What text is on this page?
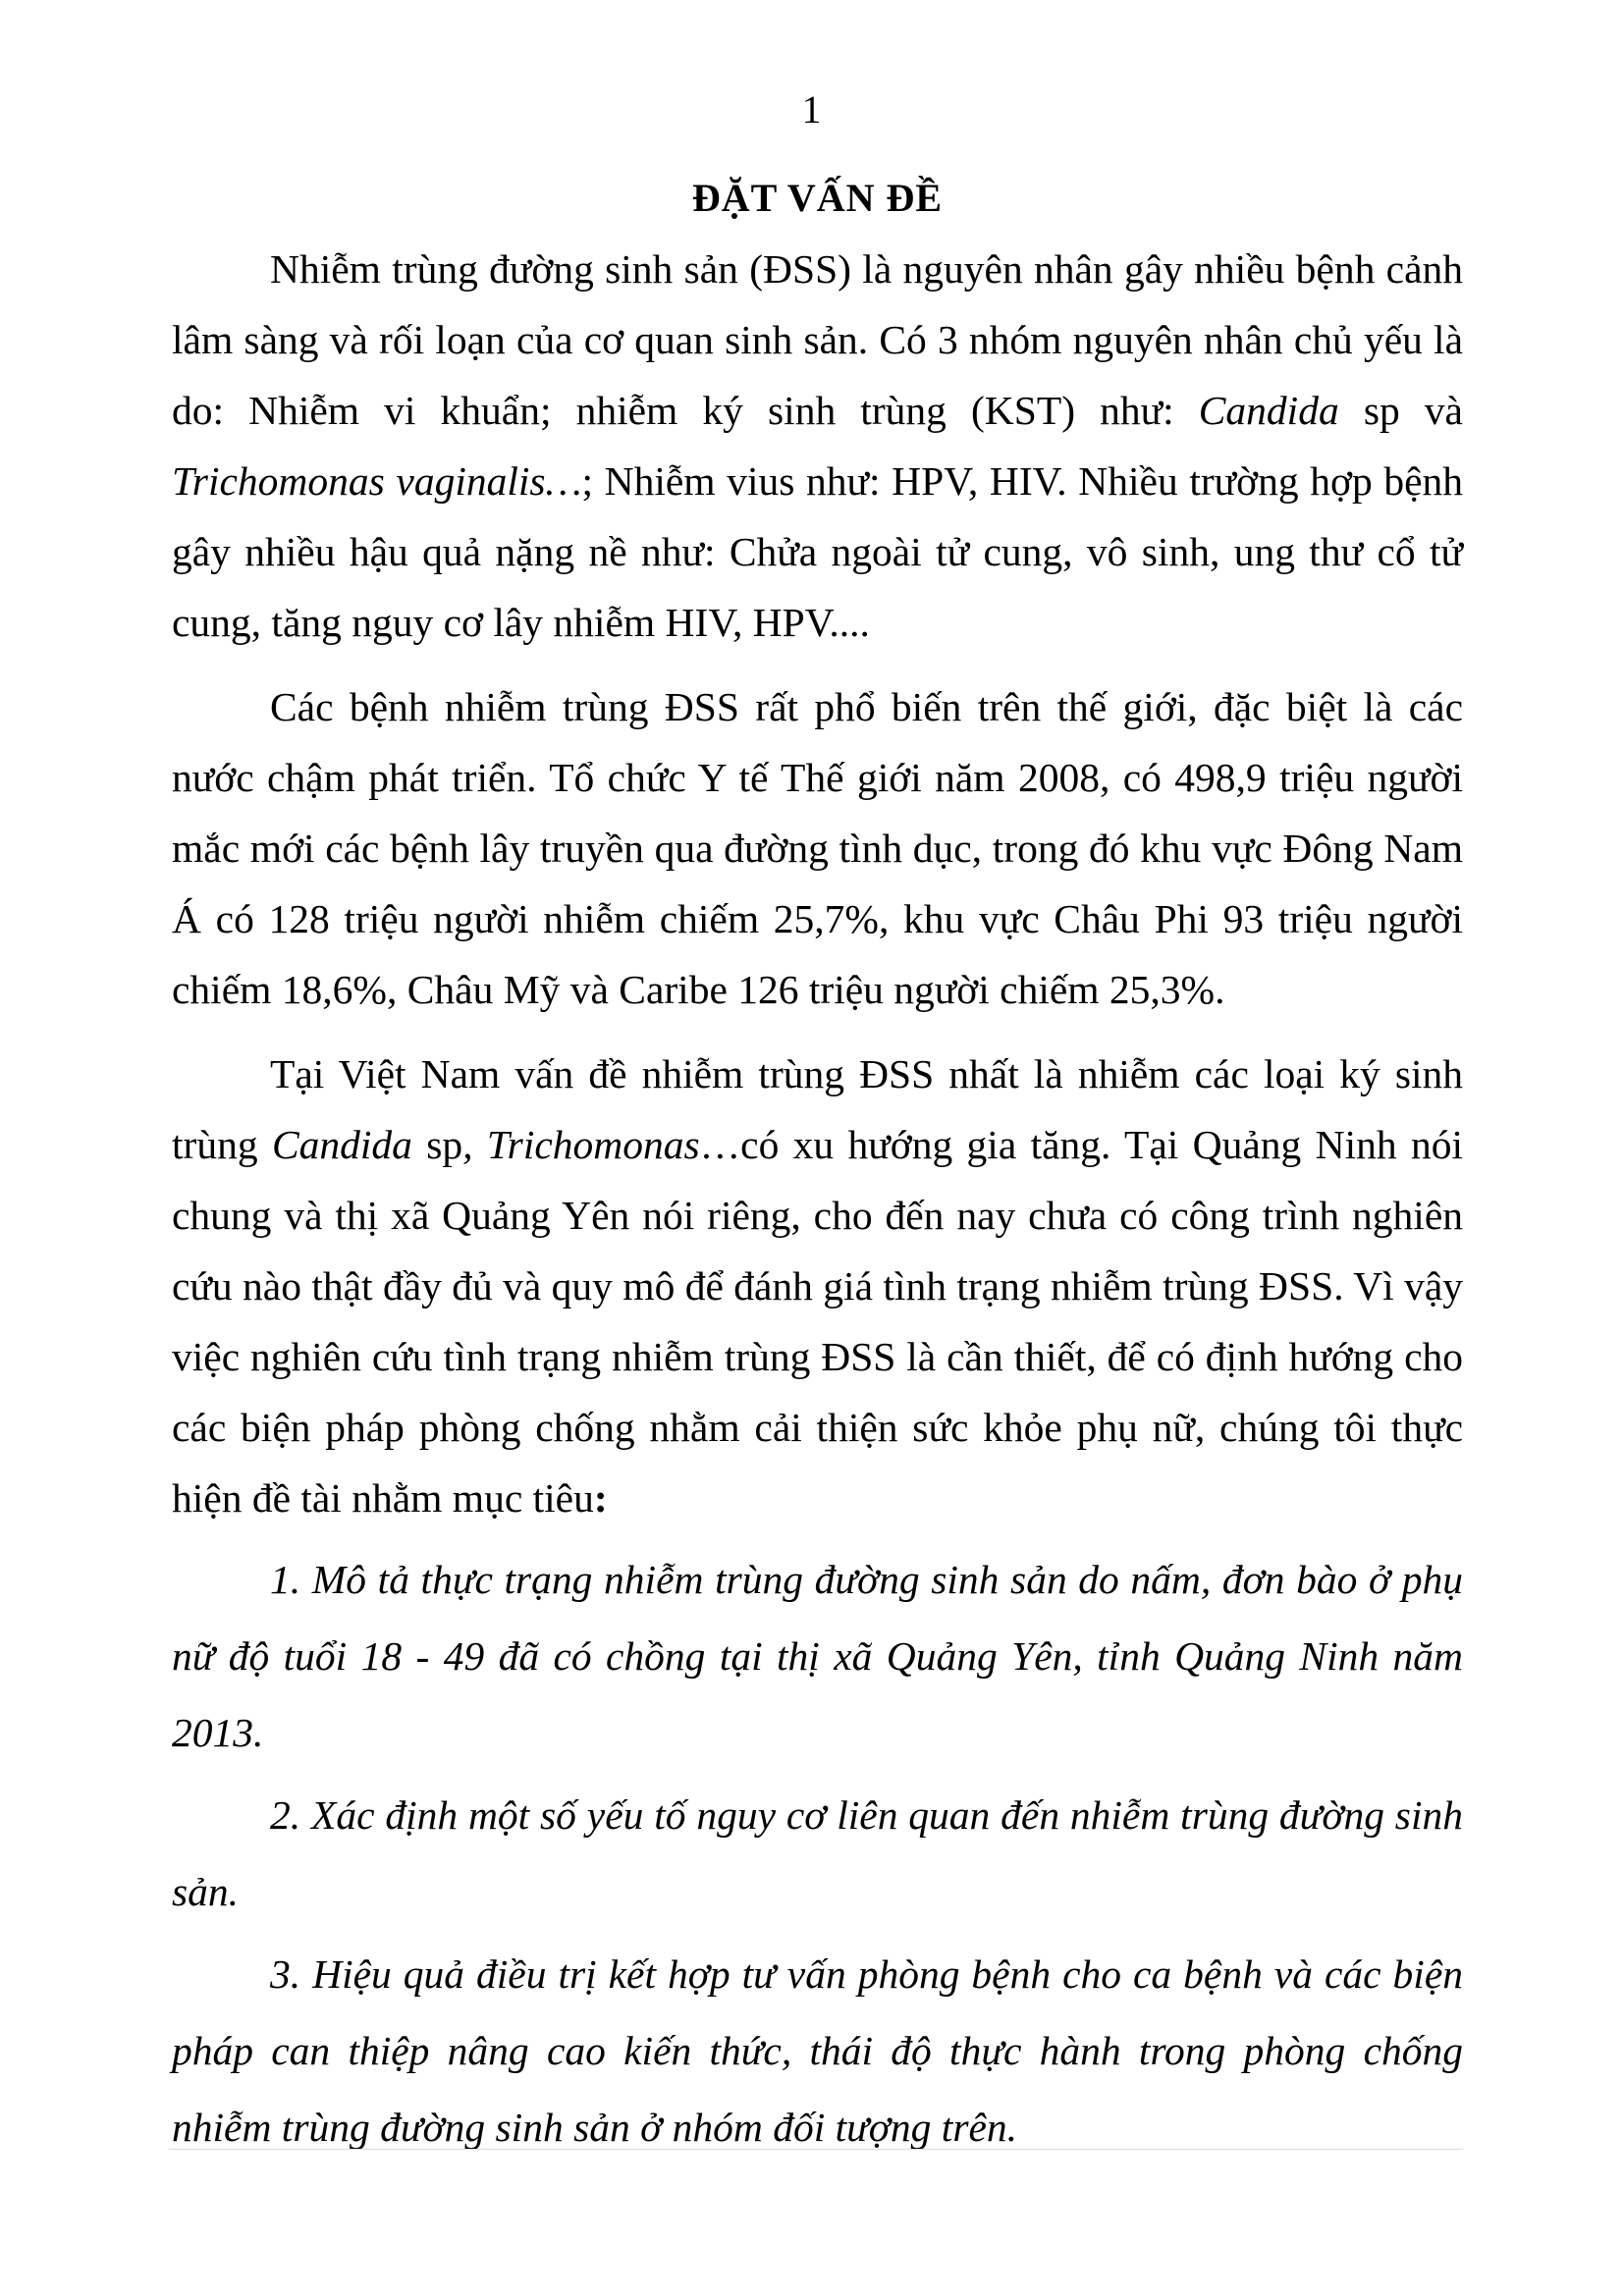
1
ĐẶT VẤN ĐỀ

Nhiễm trùng đường sinh sản (ĐSS) là nguyên nhân gây nhiều bệnh cảnh lâm sàng và rối loạn của cơ quan sinh sản. Có 3 nhóm nguyên nhân chủ yếu là do: Nhiễm vi khuẩn; nhiễm ký sinh trùng (KST) như: Candida sp và Trichomonas vaginalis…; Nhiễm vius như: HPV, HIV. Nhiều trường hợp bệnh gây nhiều hậu quả nặng nề như: Chửa ngoài tử cung, vô sinh, ung thư cổ tử cung, tăng nguy cơ lây nhiễm HIV, HPV....

Các bệnh nhiễm trùng ĐSS rất phổ biến trên thế giới, đặc biệt là các nước chậm phát triển. Tổ chức Y tế Thế giới năm 2008, có 498,9 triệu người mắc mới các bệnh lây truyền qua đường tình dục, trong đó khu vực Đông Nam Á có 128 triệu người nhiễm chiếm 25,7%, khu vực Châu Phi 93 triệu người chiếm 18,6%, Châu Mỹ và Caribe 126 triệu người chiếm 25,3%.

Tại Việt Nam vấn đề nhiễm trùng ĐSS nhất là nhiễm các loại ký sinh trùng Candida sp, Trichomonas…có xu hướng gia tăng. Tại Quảng Ninh nói chung và thị xã Quảng Yên nói riêng, cho đến nay chưa có công trình nghiên cứu nào thật đầy đủ và quy mô để đánh giá tình trạng nhiễm trùng ĐSS. Vì vậy việc nghiên cứu tình trạng nhiễm trùng ĐSS là cần thiết, để có định hướng cho các biện pháp phòng chống nhằm cải thiện sức khỏe phụ nữ, chúng tôi thực hiện đề tài nhằm mục tiêu:

1. Mô tả thực trạng nhiễm trùng đường sinh sản do nấm, đơn bào ở phụ nữ độ tuổi 18 - 49 đã có chồng tại thị xã Quảng Yên, tỉnh Quảng Ninh năm 2013.

2. Xác định một số yếu tố nguy cơ liên quan đến nhiễm trùng đường sinh sản.

3. Hiệu quả điều trị kết hợp tư vấn phòng bệnh cho ca bệnh và các biện pháp can thiệp nâng cao kiến thức, thái độ thực hành trong phòng chống nhiễm trùng đường sinh sản ở nhóm đối tượng trên.
